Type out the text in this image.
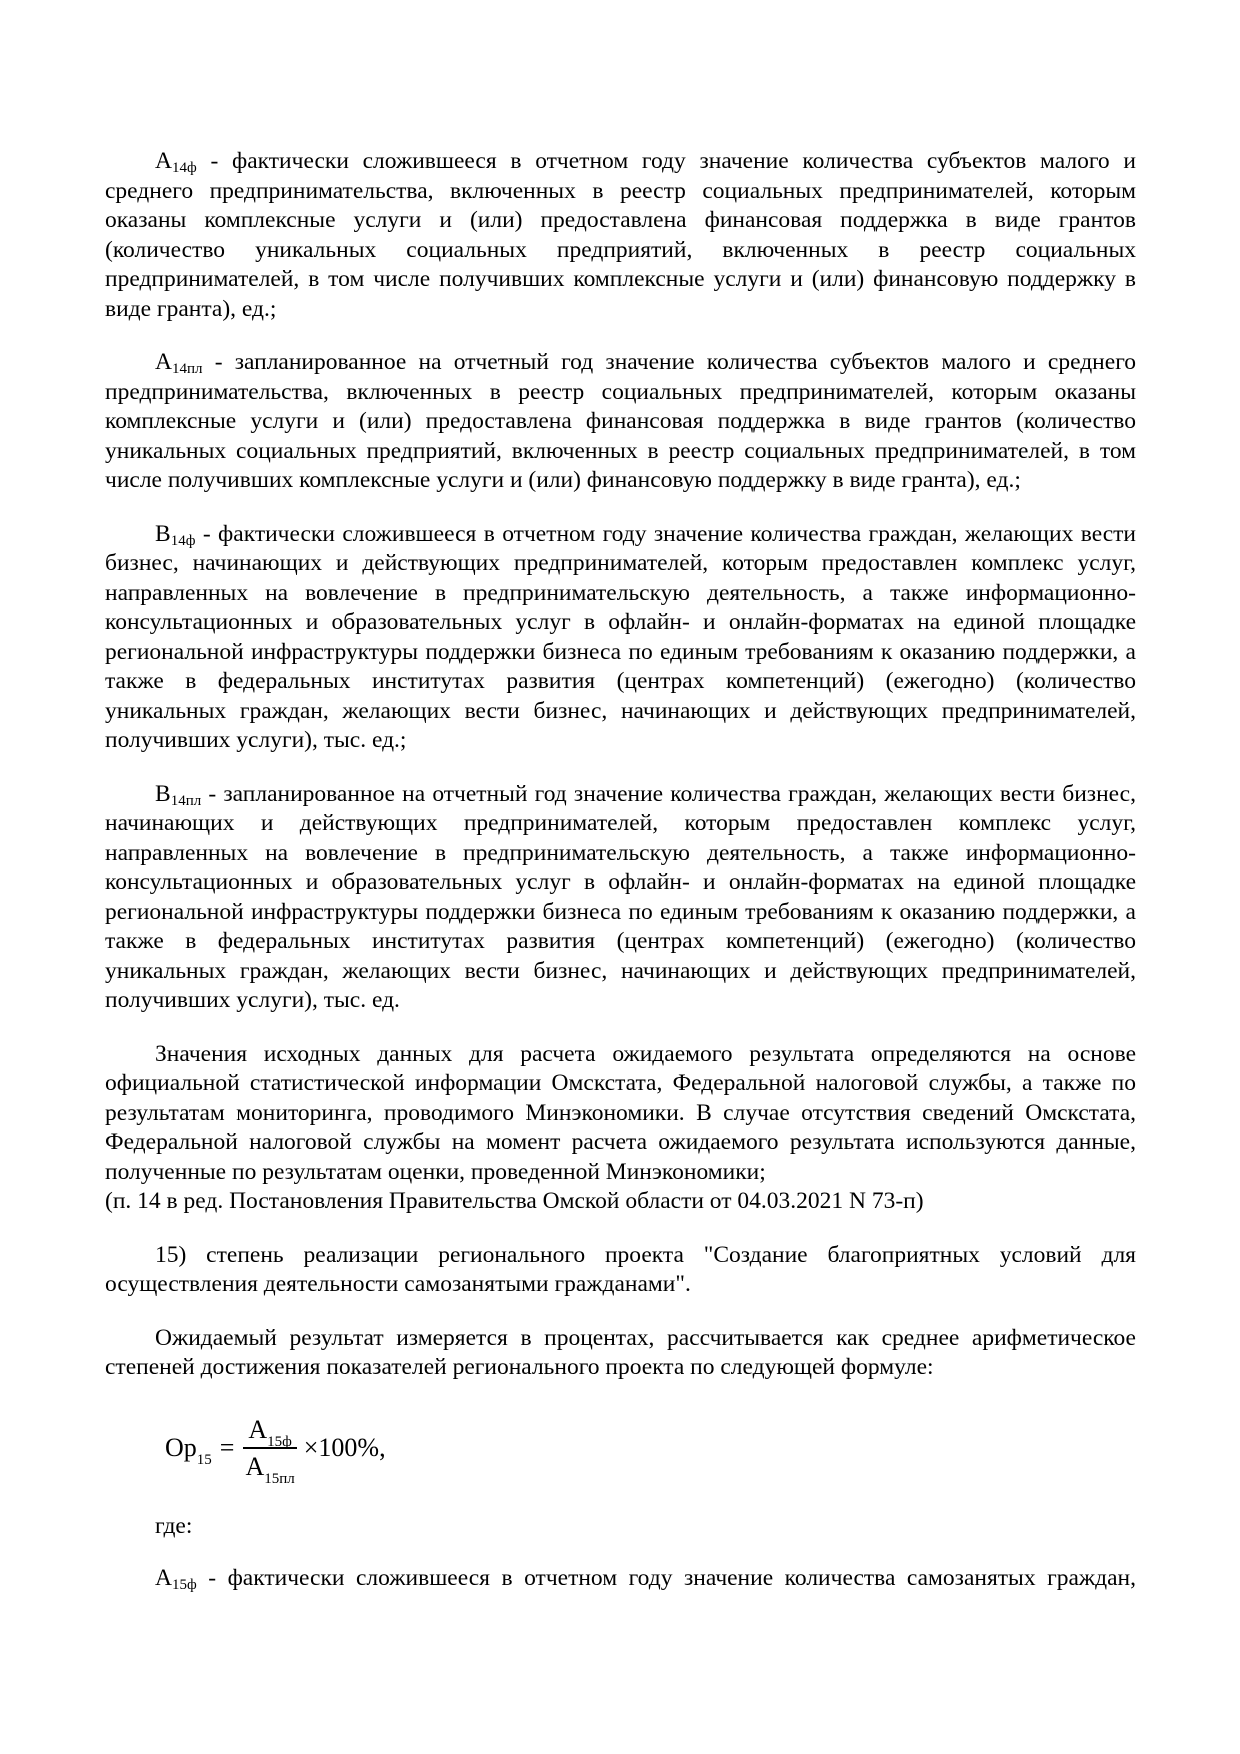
А14ф - фактически сложившееся в отчетном году значение количества субъектов малого и среднего предпринимательства, включенных в реестр социальных предпринимателей, которым оказаны комплексные услуги и (или) предоставлена финансовая поддержка в виде грантов (количество уникальных социальных предприятий, включенных в реестр социальных предпринимателей, в том числе получивших комплексные услуги и (или) финансовую поддержку в виде гранта), ед.;

А14пл - запланированное на отчетный год значение количества субъектов малого и среднего предпринимательства, включенных в реестр социальных предпринимателей, которым оказаны комплексные услуги и (или) предоставлена финансовая поддержка в виде грантов (количество уникальных социальных предприятий, включенных в реестр социальных предпринимателей, в том числе получивших комплексные услуги и (или) финансовую поддержку в виде гранта), ед.;

В14ф - фактически сложившееся в отчетном году значение количества граждан, желающих вести бизнес, начинающих и действующих предпринимателей, которым предоставлен комплекс услуг, направленных на вовлечение в предпринимательскую деятельность, а также информационно-консультационных и образовательных услуг в офлайн- и онлайн-форматах на единой площадке региональной инфраструктуры поддержки бизнеса по единым требованиям к оказанию поддержки, а также в федеральных институтах развития (центрах компетенций) (ежегодно) (количество уникальных граждан, желающих вести бизнес, начинающих и действующих предпринимателей, получивших услуги), тыс. ед.;

В14пл - запланированное на отчетный год значение количества граждан, желающих вести бизнес, начинающих и действующих предпринимателей, которым предоставлен комплекс услуг, направленных на вовлечение в предпринимательскую деятельность, а также информационно-консультационных и образовательных услуг в офлайн- и онлайн-форматах на единой площадке региональной инфраструктуры поддержки бизнеса по единым требованиям к оказанию поддержки, а также в федеральных институтах развития (центрах компетенций) (ежегодно) (количество уникальных граждан, желающих вести бизнес, начинающих и действующих предпринимателей, получивших услуги), тыс. ед.

Значения исходных данных для расчета ожидаемого результата определяются на основе официальной статистической информации Омскстата, Федеральной налоговой службы, а также по результатам мониторинга, проводимого Минэкономики. В случае отсутствия сведений Омскстата, Федеральной налоговой службы на момент расчета ожидаемого результата используются данные, полученные по результатам оценки, проведенной Минэкономики;

(п. 14 в ред. Постановления Правительства Омской области от 04.03.2021 N 73-п)

15) степень реализации регионального проекта "Создание благоприятных условий для осуществления деятельности самозанятыми гражданами".

Ожидаемый результат измеряется в процентах, рассчитывается как среднее арифметическое степеней достижения показателей регионального проекта по следующей формуле:

$Ор_{15} = \frac{А_{15ф}}{А_{15пл}} \times 100\%$,

где:

А15ф - фактически сложившееся в отчетном году значение количества самозанятых граждан,
